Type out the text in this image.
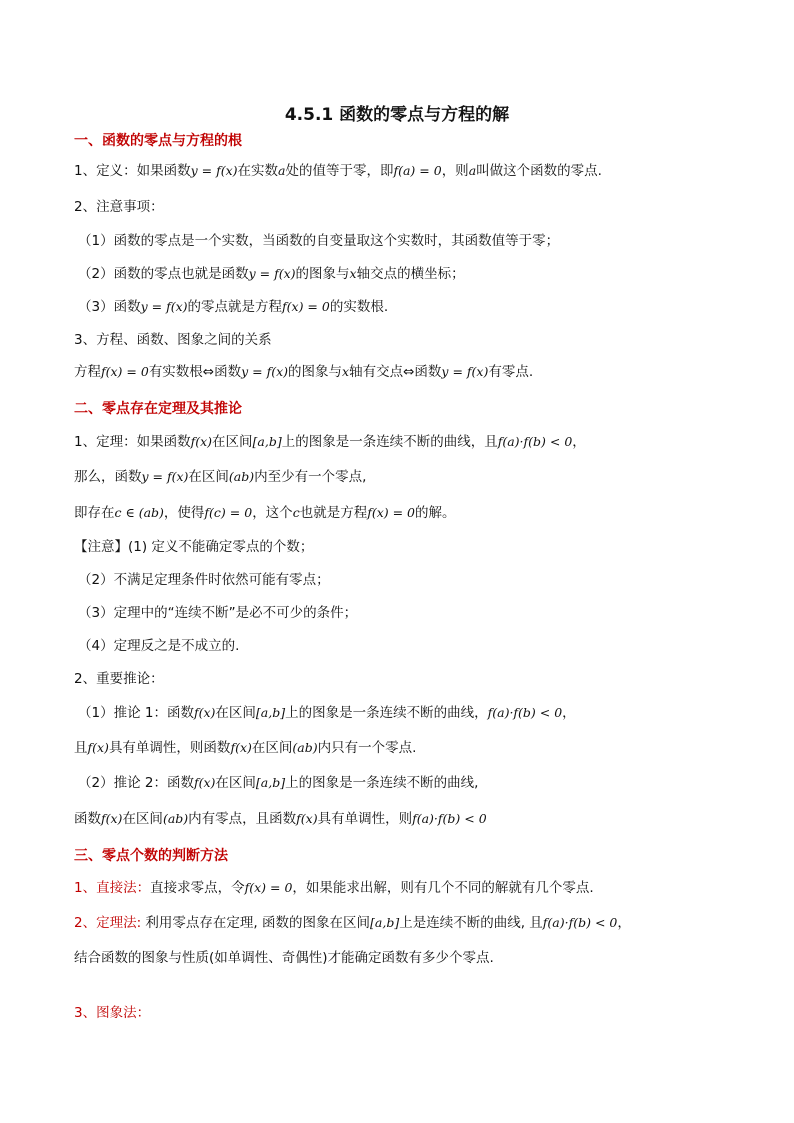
4.5.1 函数的零点与方程的解
一、函数的零点与方程的根
1、定义：如果函数y = f(x)在实数a处的值等于零，即f(a) = 0，则a叫做这个函数的零点.
2、注意事项：
（1）函数的零点是一个实数，当函数的自变量取这个实数时，其函数值等于零；
（2）函数的零点也就是函数y = f(x)的图象与x轴交点的横坐标；
（3）函数y = f(x)的零点就是方程f(x) = 0的实数根.
3、方程、函数、图象之间的关系
方程f(x) = 0有实数根⇔函数y = f(x)的图象与x轴有交点⇔函数y = f(x)有零点.
二、零点存在定理及其推论
1、定理：如果函数f(x)在区间[a,b]上的图象是一条连续不断的曲线，且f(a)·f(b) < 0，
那么，函数y = f(x)在区间(ab)内至少有一个零点,
即存在c ∈ (ab)，使得f(c) = 0，这个c也就是方程f(x) = 0的解。
【注意】(1) 定义不能确定零点的个数；
（2）不满足定理条件时依然可能有零点；
（3）定理中的“连续不断”是必不可少的条件；
（4）定理反之是不成立的.
2、重要推论：
（1）推论 1：函数f(x)在区间[a,b]上的图象是一条连续不断的曲线，f(a)·f(b) < 0，
且f(x)具有单调性，则函数f(x)在区间(ab)内只有一个零点.
（2）推论 2：函数f(x)在区间[a,b]上的图象是一条连续不断的曲线,
函数f(x)在区间(ab)内有零点，且函数f(x)具有单调性，则f(a)·f(b) < 0
三、零点个数的判断方法
1、直接法：直接求零点，令f(x) = 0，如果能求出解，则有几个不同的解就有几个零点.
2、定理法: 利用零点存在定理, 函数的图象在区间[a,b]上是连续不断的曲线, 且f(a)·f(b) < 0，
结合函数的图象与性质(如单调性、奇偶性)才能确定函数有多少个零点.
3、图象法：
